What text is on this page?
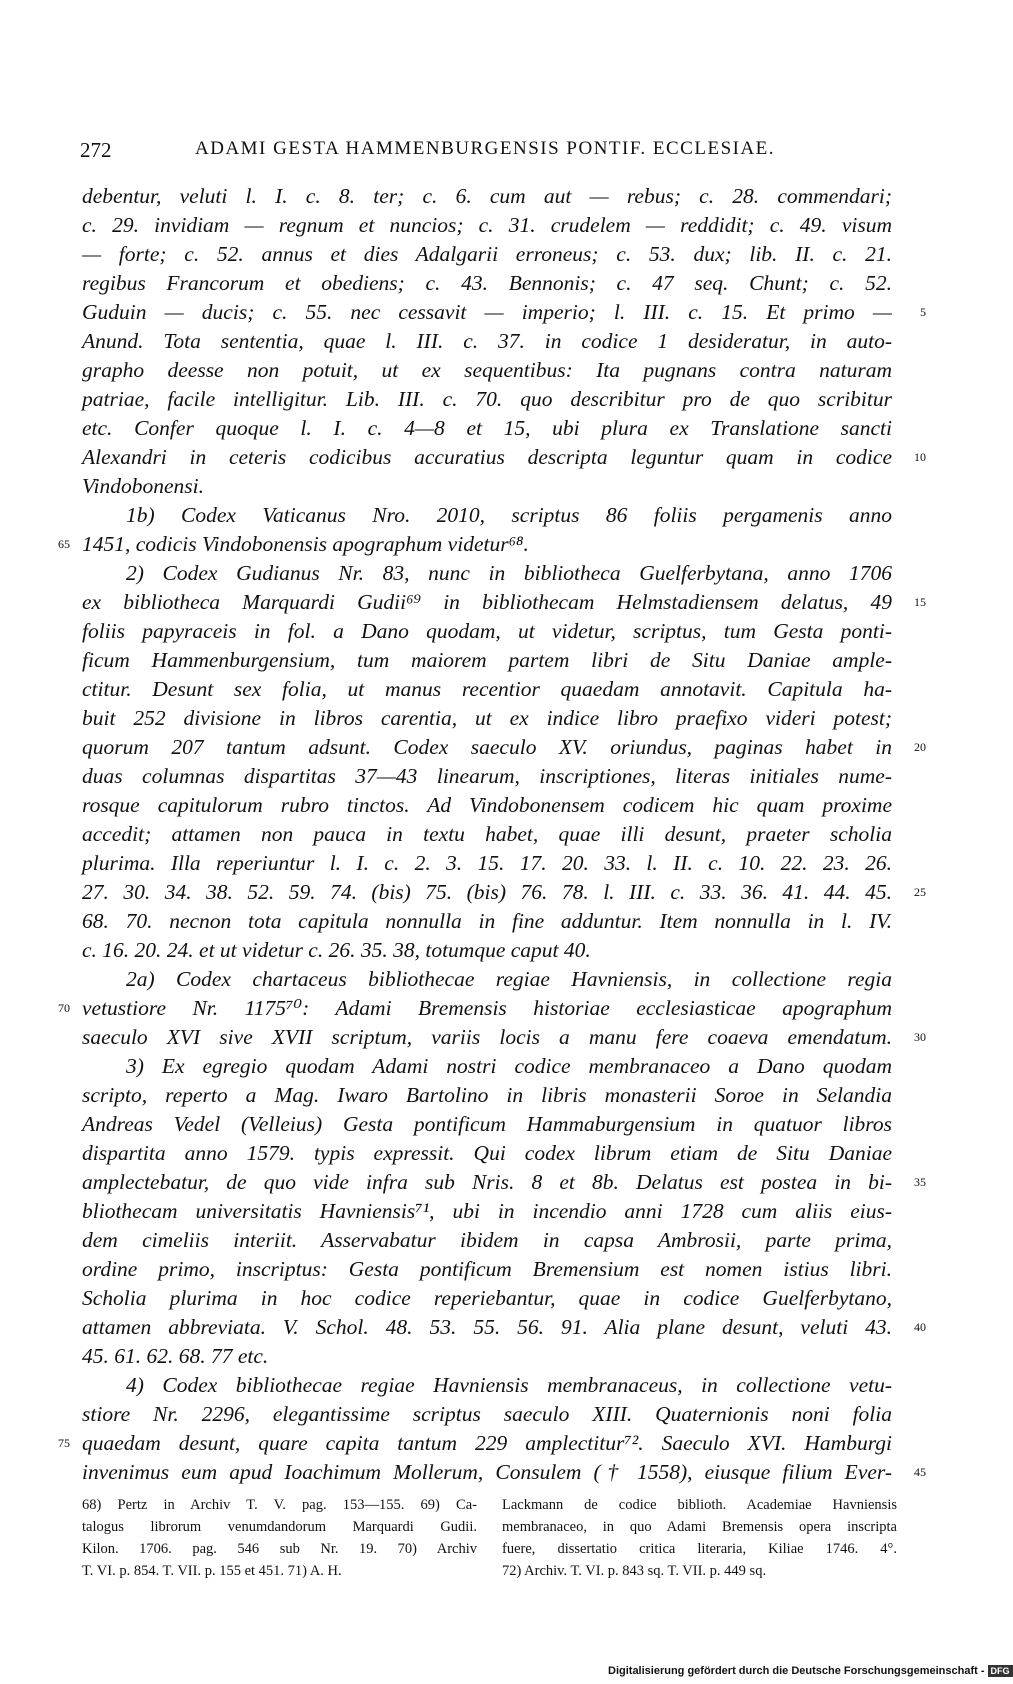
272	ADAMI GESTA HAMMENBURGENSIS PONTIF. ECCLESIAE.
debentur, veluti l. I. c. 8. ter; c. 6. cum aut — rebus; c. 28. commendari;
c. 29. invidiam — regnum et nuncios; c. 31. crudelem — reddidit; c. 49. visum
— forte; c. 52. annus et dies Adalgarii erroneus; c. 53. dux; lib. II. c. 21.
regibus Francorum et obediens; c. 43. Bennonis; c. 47 seq. Chunt; c. 52.
Guduin — ducis; c. 55. nec cessavit — imperio; l. III. c. 15. Et primo — 5
Anund. Tota sententia, quae l. III. c. 37. in codice 1 desideratur, in auto-
grapho deesse non potuit, ut ex sequentibus: Ita pugnans contra naturam
patriae, facile intelligitur. Lib. III. c. 70. quo describitur pro de quo scribitur
etc. Confer quoque l. I. c. 4—8 et 15, ubi plura ex Translatione sancti
Alexandri in ceteris codicibus accuratius descripta leguntur quam in codice 10
Vindobonensi.
1b) Codex Vaticanus Nro. 2010, scriptus 86 foliis pergamenis anno
1451, codicis Vindobonensis apographum videtur⁶⁸.
65
2) Codex Gudianus Nr. 83, nunc in bibliotheca Guelferbytana, anno 1706
ex bibliotheca Marquardi Gudii⁶⁹ in bibliothecam Helmstadiensem delatus, 49 15
foliis papyraceis in fol. a Dano quodam, ut videtur, scriptus, tum Gesta ponti-
ficum Hammenburgensium, tum maiorem partem libri de Situ Daniae ample-
ctitur. Desunt sex folia, ut manus recentior quaedam annotavit. Capitula ha-
buit 252 divisione in libros carentia, ut ex indice libro praefixo videri potest;
quorum 207 tantum adsunt. Codex saeculo XV. oriundus, paginas habet in 20
duas columnas dispartitas 37—43 linearum, inscriptiones, literas initiales nume-
rosque capitulorum rubro tinctos. Ad Vindobonensem codicem hic quam proxime
accedit; attamen non pauca in textu habet, quae illi desunt, praeter scholia
plurima. Illa reperiuntur l. I. c. 2. 3. 15. 17. 20. 33. l. II. c. 10. 22. 23. 26.
27. 30. 34. 38. 52. 59. 74. (bis) 75. (bis) 76. 78. l. III. c. 33. 36. 41. 44. 45. 25
68. 70. necnon tota capitula nonnulla in fine adduntur. Item nonnulla in l. IV.
c. 16. 20. 24. et ut videtur c. 26. 35. 38, totumque caput 40.
2a) Codex chartaceus bibliothecae regiae Havniensis, in collectione regia
vetustiore Nr. 1175⁷⁰: Adami Bremensis historiae ecclesiasticae apographum
70
saeculo XVI sive XVII scriptum, variis locis a manu fere coaeva emendatum. 30
3) Ex egregio quodam Adami nostri codice membranaceo a Dano quodam
scripto, reperto a Mag. Iwaro Bartolino in libris monasterii Soroe in Selandia
Andreas Vedel (Velleius) Gesta pontificum Hammaburgensium in quatuor libros
dispartita anno 1579. typis expressit. Qui codex librum etiam de Situ Daniae
amplectebatur, de quo vide infra sub Nris. 8 et 8b. Delatus est postea in bi- 35
bliothecam universitatis Havniensis⁷¹, ubi in incendio anni 1728 cum aliis eius-
dem cimeliis interiit. Asservabatur ibidem in capsa Ambrosii, parte prima,
ordine primo, inscriptus: Gesta pontificum Bremensium est nomen istius libri.
Scholia plurima in hoc codice reperiebantur, quae in codice Guelferbytano,
attamen abbreviata. V. Schol. 48. 53. 55. 56. 91. Alia plane desunt, veluti 43. 40
45. 61. 62. 68. 77 etc.
4) Codex bibliothecae regiae Havniensis membranaceus, in collectione vetu-
stiore Nr. 2296, elegantissime scriptus saeculo XIII. Quaternionis noni folia
quaedam desunt, quare capita tantum 229 amplectitur⁷². Saeculo XVI. Hamburgi
75
invenimus eum apud Ioachimum Mollerum, Consulem († 1558), eiusque filium Ever- 45
68) Pertz in Archiv T. V. pag. 153—155. 69) Ca-
talogus librorum venumdandorum Marquardi Gudii.
Kilon. 1706. pag. 546 sub Nr. 19. 70) Archiv
T. VI. p. 854. T. VII. p. 155 et 451. 71) A. H.
Lackmann de codice biblioth. Academiae Havniensis
membranaceo, in quo Adami Bremensis opera inscripta
fuere, dissertatio critica literaria, Kiliae 1746. 4°.
72) Archiv. T. VI. p. 843 sq. T. VII. p. 449 sq.
Digitalisierung gefördert durch die Deutsche Forschungsgemeinschaft - DFG
